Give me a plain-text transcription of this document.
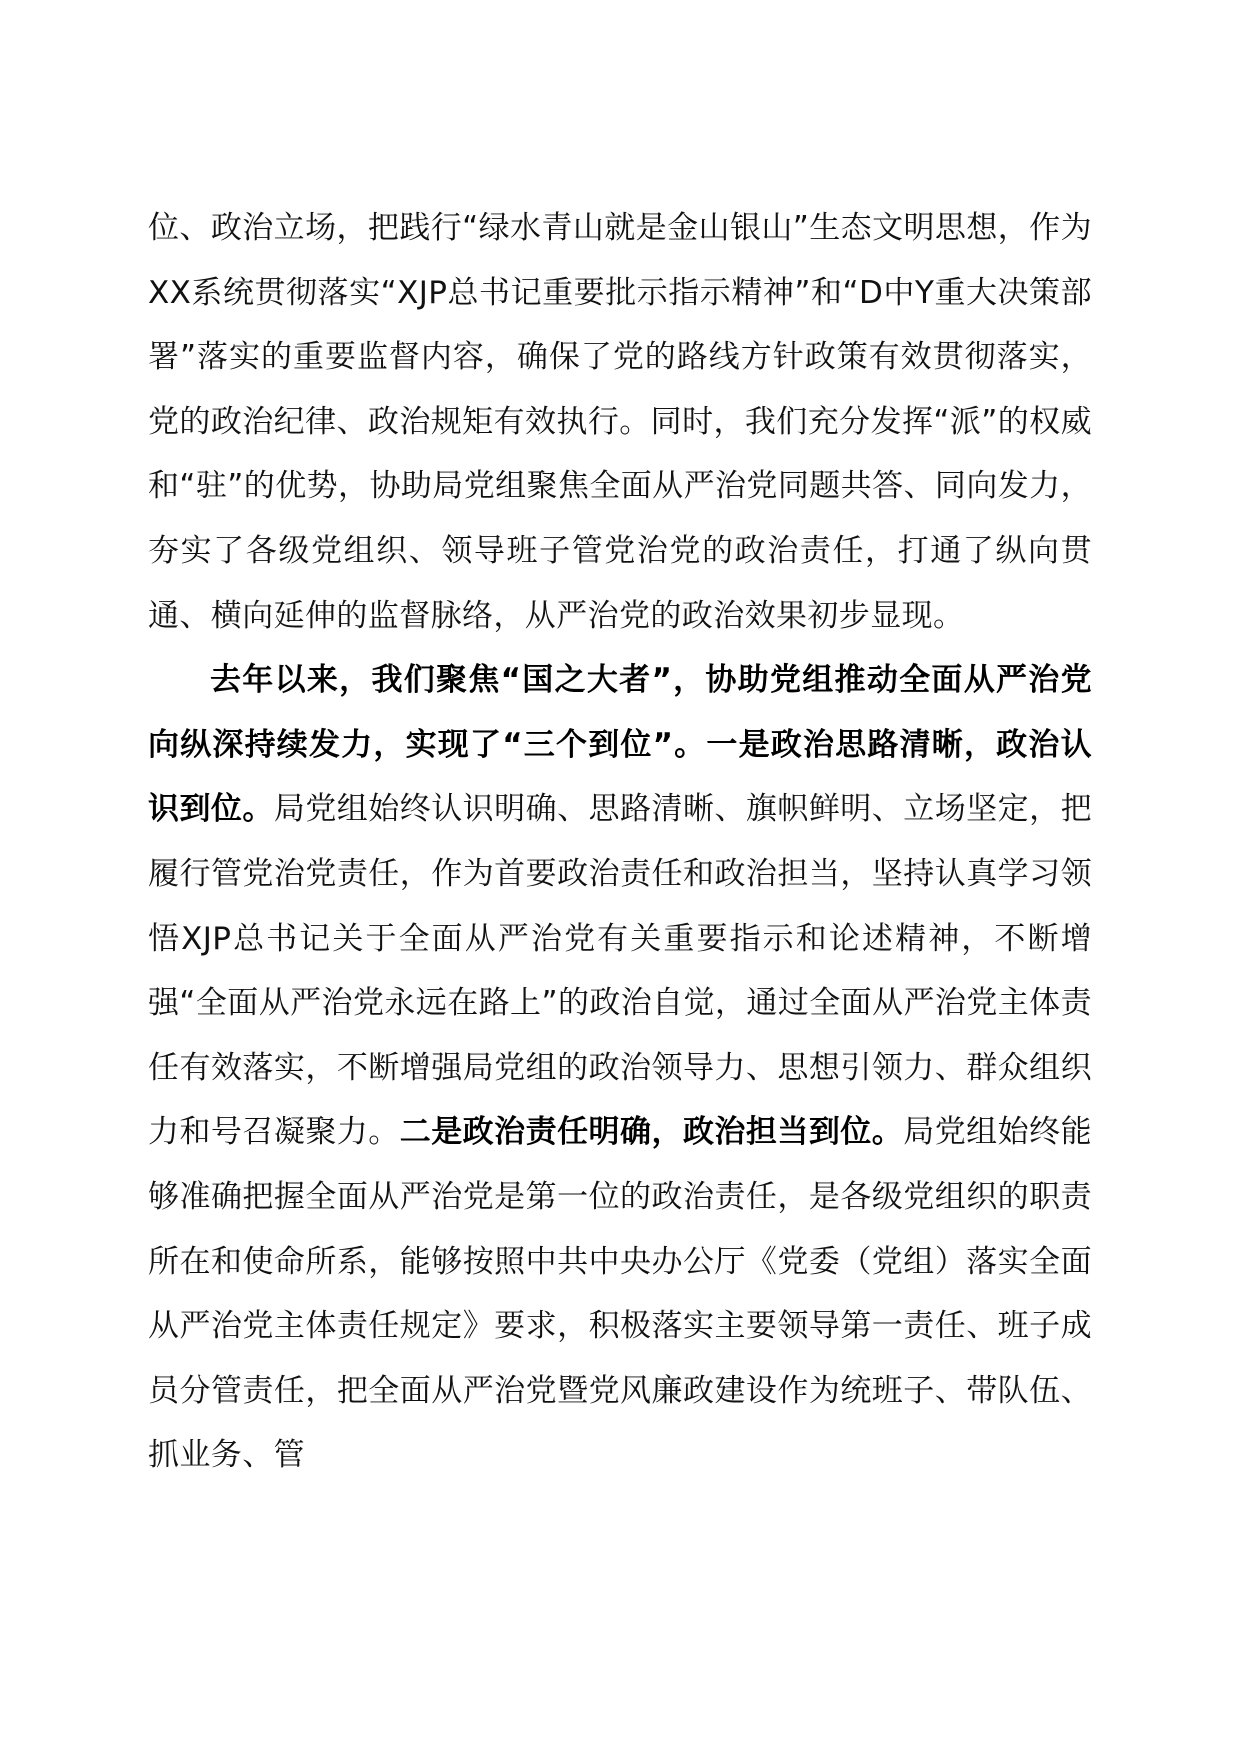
位、政治立场，把践行“绿水青山就是金山银山”生态文明思想，作为XX系统贯彻落实“XJP总书记重要批示指示精神”和“D中Y重大决策部署”落实的重要监督内容，确保了党的路线方针政策有效贯彻落实，党的政治纪律、政治规矩有效执行。同时，我们充分发挥“派”的权威和“驻”的优势，协助局党组聚焦全面从严治党同题共答、同向发力，夯实了各级党组织、领导班子管党治党的政治责任，打通了纵向贯通、横向延伸的监督脉络，从严治党的政治效果初步显现。

去年以来，我们聚焦“国之大者”，协助党组推动全面从严治党向纵深持续发力，实现了“三个到位”。一是政治思路清晰，政治认识到位。局党组始终认识明确、思路清晰、旗帜鲜明、立场坚定，把履行管党治党责任，作为首要政治责任和政治担当，坚持认真学习领悟XJP总书记关于全面从严治党有关重要指示和论述精神，不断增强“全面从严治党永远在路上”的政治自觉，通过全面从严治党主体责任有效落实，不断增强局党组的政治领导力、思想引领力、群众组织力和号召凝聚力。二是政治责任明确，政治担当到位。局党组始终能够准确把握全面从严治党是第一位的政治责任，是各级党组织的职责所在和使命所系，能够按照中共中央办公厅《党委（党组）落实全面从严治党主体责任规定》要求，积极落实主要领导第一责任、班子成员分管责任，把全面从严治党暨党风廉政建设作为统班子、带队伍、抓业务、管
